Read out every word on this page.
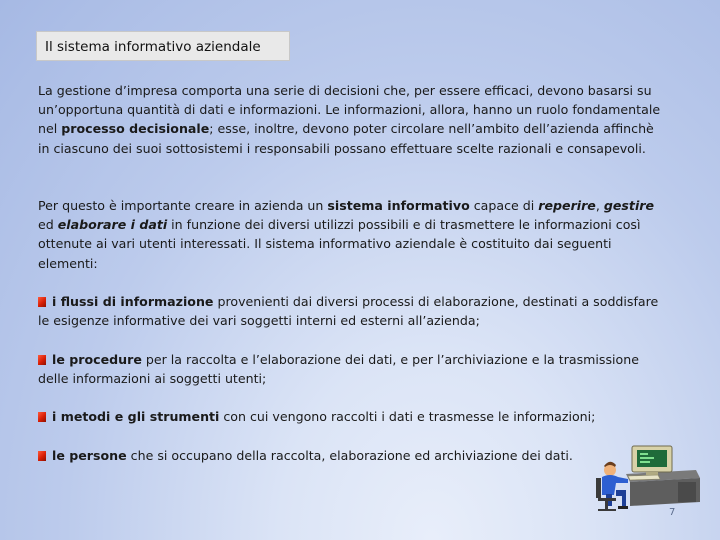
Il sistema informativo aziendale

La gestione d’impresa comporta una serie di decisioni che, per essere efficaci, devono basarsi su un’opportuna quantità di dati e informazioni. Le informazioni, allora, hanno un ruolo fondamentale nel processo decisionale; esse, inoltre, devono poter circolare nell’ambito dell’azienda affinchè in ciascuno dei suoi sottosistemi i responsabili possano effettuare scelte razionali e consapevoli.

Per questo è importante creare in azienda un sistema informativo capace di reperire, gestire ed elaborare i dati in funzione dei diversi utilizzi possibili e di trasmettere le informazioni così ottenute ai vari utenti interessati. Il sistema informativo aziendale è costituito dai seguenti elementi:

i flussi di informazione provenienti dai diversi processi di elaborazione, destinati a soddisfare le esigenze informative dei vari soggetti interni ed esterni all’azienda;

le procedure per la raccolta e l’elaborazione dei dati, e per l’archiviazione e la trasmissione delle informazioni ai soggetti utenti;

i metodi e gli strumenti con cui vengono raccolti i dati e trasmesse le informazioni;

le persone che si occupano della raccolta, elaborazione ed archiviazione dei dati.

7
